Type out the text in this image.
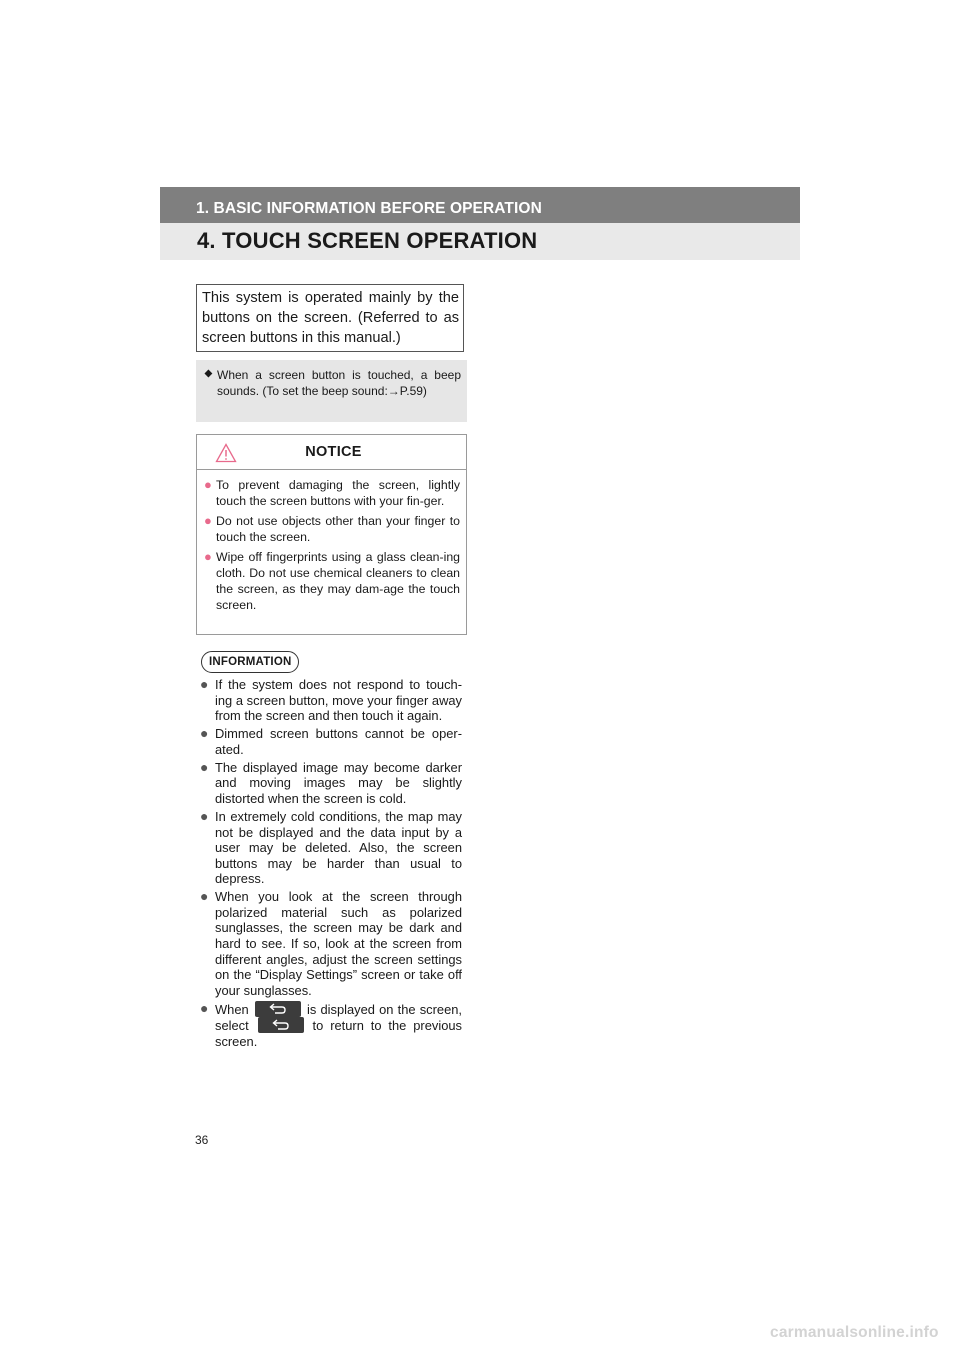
1. BASIC INFORMATION BEFORE OPERATION
4. TOUCH SCREEN OPERATION
This system is operated mainly by the buttons on the screen. (Referred to as screen buttons in this manual.)
⯁ When a screen button is touched, a beep sounds. (To set the beep sound:→P.59)
NOTICE
● To prevent damaging the screen, lightly touch the screen buttons with your fin-ger.
● Do not use objects other than your finger to touch the screen.
● Wipe off fingerprints using a glass clean-ing cloth. Do not use chemical cleaners to clean the screen, as they may dam-age the touch screen.
INFORMATION
● If the system does not respond to touch-ing a screen button, move your finger away from the screen and then touch it again.
● Dimmed screen buttons cannot be oper-ated.
● The displayed image may become darker and moving images may be slightly distorted when the screen is cold.
● In extremely cold conditions, the map may not be displayed and the data input by a user may be deleted. Also, the screen buttons may be harder than usual to depress.
● When you look at the screen through polarized material such as polarized sunglasses, the screen may be dark and hard to see. If so, look at the screen from different angles, adjust the screen settings on the “Display Settings” screen or take off your sunglasses.
● When	is displayed on the screen, select	to return to the previous screen.
36
carmanualsonline.info
